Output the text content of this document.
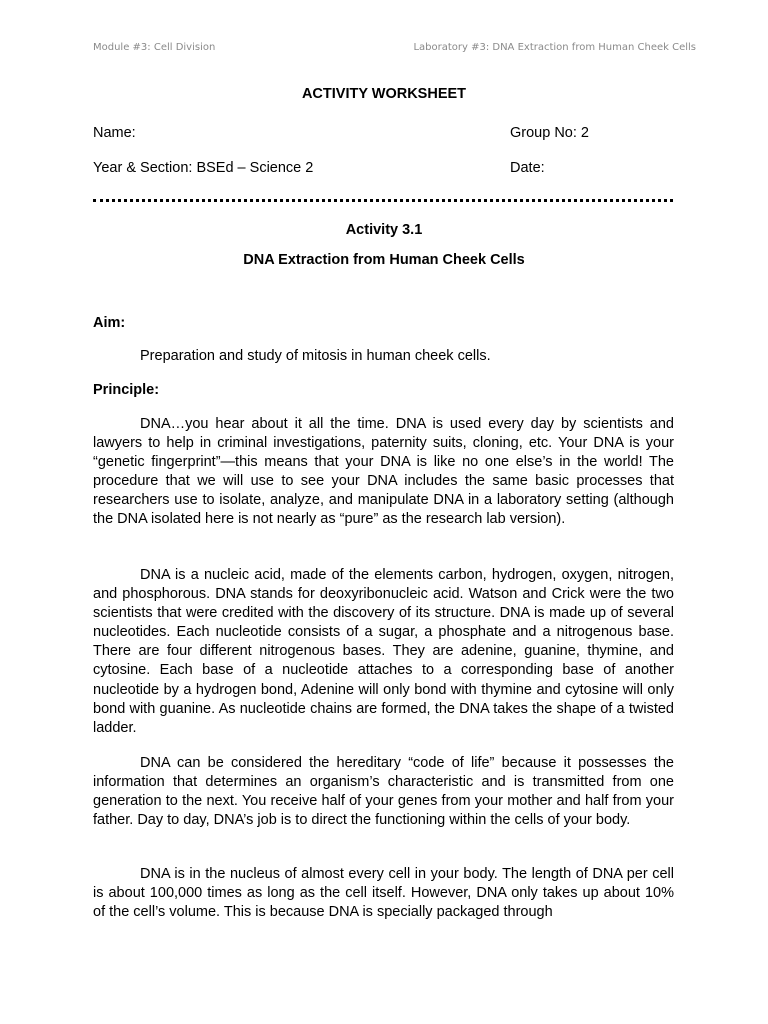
Module #3: Cell Division	Laboratory #3: DNA Extraction from Human Cheek Cells
ACTIVITY WORKSHEET
Name:	Group No: 2
Year & Section: BSEd – Science 2	Date:
Activity 3.1
DNA Extraction from Human Cheek Cells
Aim:

Preparation and study of mitosis in human cheek cells.

Principle:

DNA…you hear about it all the time. DNA is used every day by scientists and lawyers to help in criminal investigations, paternity suits, cloning, etc. Your DNA is your “genetic fingerprint”—this means that your DNA is like no one else’s in the world! The procedure that we will use to see your DNA includes the same basic processes that researchers use to isolate, analyze, and manipulate DNA in a laboratory setting (although the DNA isolated here is not nearly as “pure” as the research lab version).

DNA is a nucleic acid, made of the elements carbon, hydrogen, oxygen, nitrogen, and phosphorous. DNA stands for deoxyribonucleic acid. Watson and Crick were the two scientists that were credited with the discovery of its structure. DNA is made up of several nucleotides. Each nucleotide consists of a sugar, a phosphate and a nitrogenous base. There are four different nitrogenous bases. They are adenine, guanine, thymine, and cytosine. Each base of a nucleotide attaches to a corresponding base of another nucleotide by a hydrogen bond, Adenine will only bond with thymine and cytosine will only bond with guanine. As nucleotide chains are formed, the DNA takes the shape of a twisted ladder.

DNA can be considered the hereditary “code of life” because it possesses the information that determines an organism’s characteristic and is transmitted from one generation to the next. You receive half of your genes from your mother and half from your father. Day to day, DNA’s job is to direct the functioning within the cells of your body.

DNA is in the nucleus of almost every cell in your body. The length of DNA per cell is about 100,000 times as long as the cell itself. However, DNA only takes up about 10% of the cell’s volume. This is because DNA is specially packaged through
